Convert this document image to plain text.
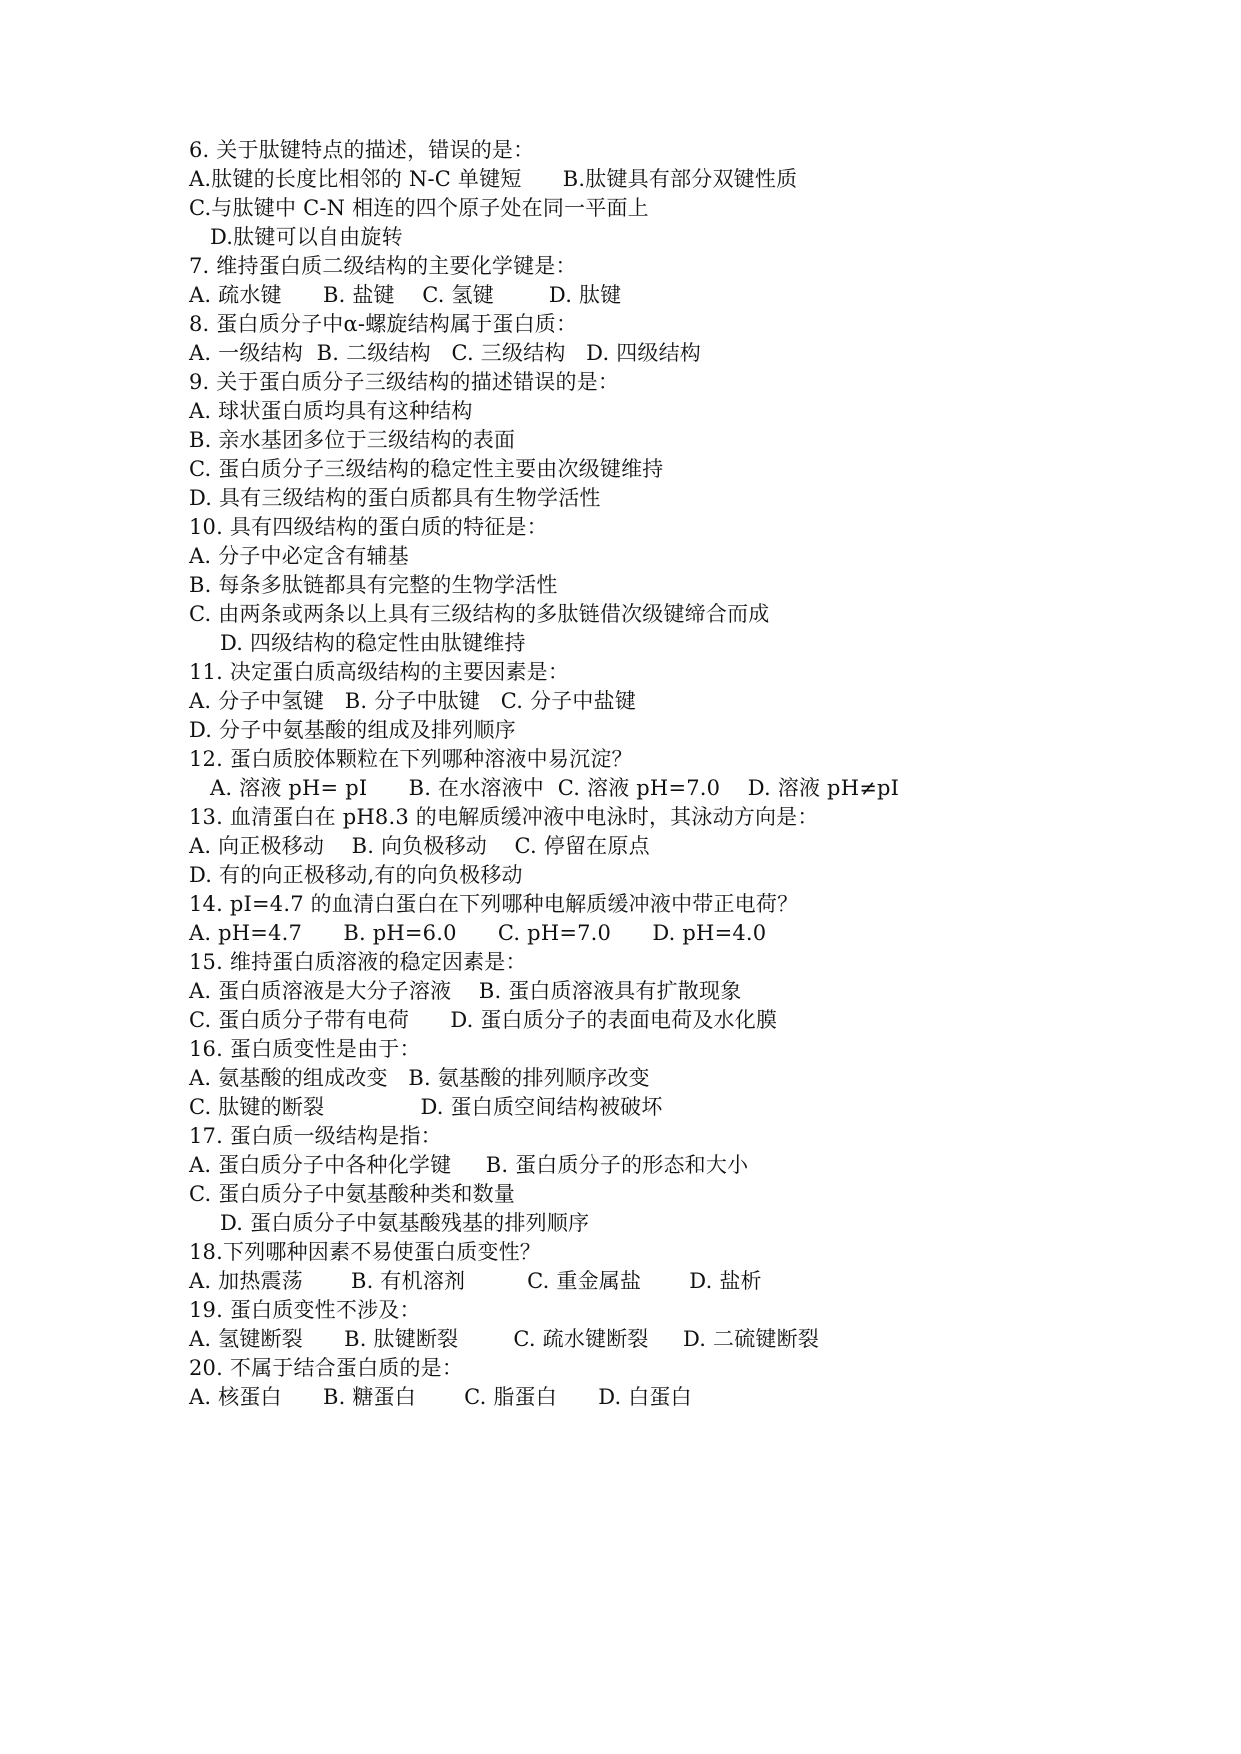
6. 关于肽键特点的描述，错误的是：
A.肽键的长度比相邻的 N-C 单键短      B.肽键具有部分双键性质
C.与肽键中 C-N 相连的四个原子处在同一平面上
D.肽键可以自由旋转
7. 维持蛋白质二级结构的主要化学键是：
A. 疏水键      B. 盐键    C. 氢键        D. 肽键
8. 蛋白质分子中α-螺旋结构属于蛋白质：
A. 一级结构  B. 二级结构   C. 三级结构   D. 四级结构
9. 关于蛋白质分子三级结构的描述错误的是：
A. 球状蛋白质均具有这种结构
B. 亲水基团多位于三级结构的表面
C. 蛋白质分子三级结构的稳定性主要由次级键维持
D. 具有三级结构的蛋白质都具有生物学活性
10. 具有四级结构的蛋白质的特征是：
A. 分子中必定含有辅基
B. 每条多肽链都具有完整的生物学活性
C. 由两条或两条以上具有三级结构的多肽链借次级键缔合而成
D. 四级结构的稳定性由肽键维持
11. 决定蛋白质高级结构的主要因素是：
A. 分子中氢键   B. 分子中肽键   C. 分子中盐键
D. 分子中氨基酸的组成及排列顺序
12. 蛋白质胶体颗粒在下列哪种溶液中易沉淀？
A. 溶液 pH= pI      B. 在水溶液中  C. 溶液 pH=7.0    D. 溶液 pH≠pI
13. 血清蛋白在 pH8.3 的电解质缓冲液中电泳时，其泳动方向是：
A. 向正极移动    B. 向负极移动    C. 停留在原点
D. 有的向正极移动,有的向负极移动
14. pI=4.7 的血清白蛋白在下列哪种电解质缓冲液中带正电荷？
A. pH=4.7      B. pH=6.0      C. pH=7.0      D. pH=4.0
15. 维持蛋白质溶液的稳定因素是：
A. 蛋白质溶液是大分子溶液    B. 蛋白质溶液具有扩散现象
C. 蛋白质分子带有电荷      D. 蛋白质分子的表面电荷及水化膜
16. 蛋白质变性是由于：
A. 氨基酸的组成改变   B. 氨基酸的排列顺序改变
C. 肽键的断裂              D. 蛋白质空间结构被破坏
17. 蛋白质一级结构是指：
A. 蛋白质分子中各种化学键     B. 蛋白质分子的形态和大小
C. 蛋白质分子中氨基酸种类和数量
D. 蛋白质分子中氨基酸残基的排列顺序
18.下列哪种因素不易使蛋白质变性？
A. 加热震荡       B. 有机溶剂         C. 重金属盐       D. 盐析
19. 蛋白质变性不涉及：
A. 氢键断裂      B. 肽键断裂        C. 疏水键断裂     D. 二硫键断裂
20. 不属于结合蛋白质的是：
A. 核蛋白      B. 糖蛋白       C. 脂蛋白      D. 白蛋白
